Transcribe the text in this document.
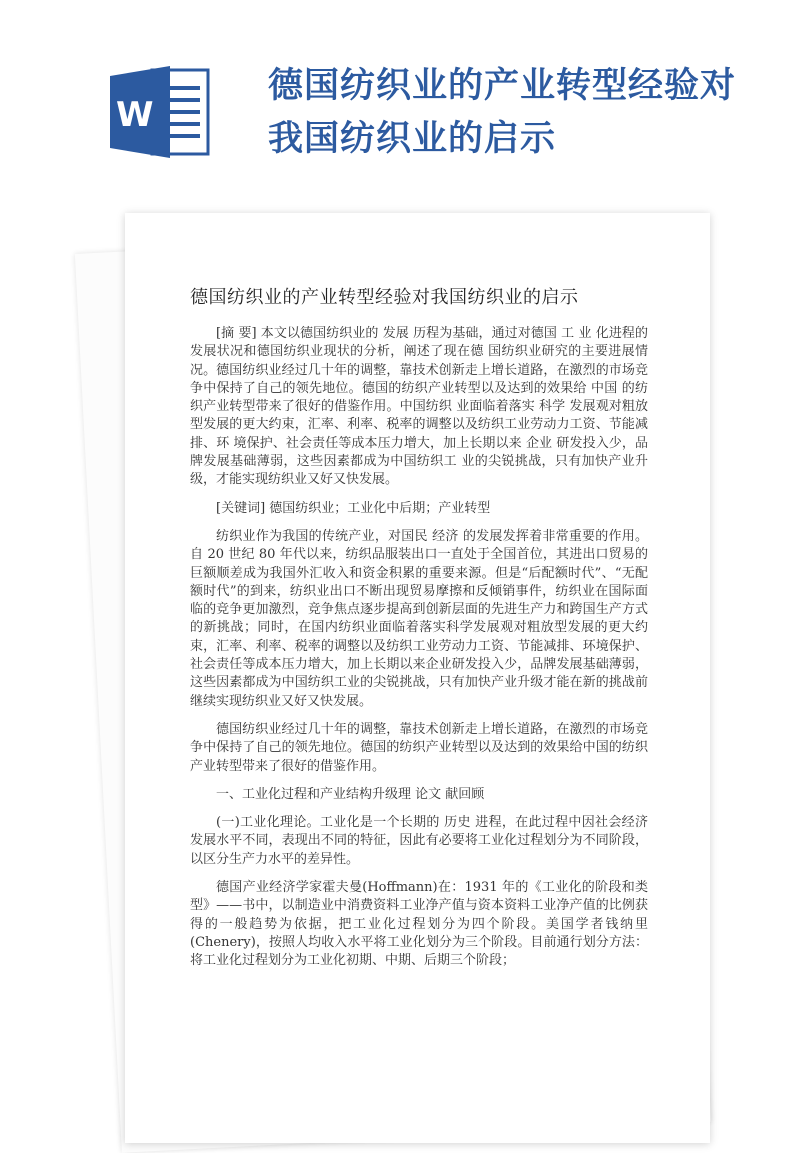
W
德国纺织业的产业转型经验对
我国纺织业的启示
德国纺织业的产业转型经验对我国纺织业的启示

[摘 要] 本文以德国纺织业的 发展 历程为基础，通过对德国 工 业 化进程的发展状况和德国纺织业现状的分析，阐述了现在德 国纺织业研究的主要进展情况。德国纺织业经过几十年的调整，靠技术创新走上增长道路，在激烈的市场竞争中保持了自己的领先地位。德国的纺织产业转型以及达到的效果给 中国 的纺织产业转型带来了很好的借鉴作用。中国纺织 业面临着落实 科学 发展观对粗放型发展的更大约束，汇率、利率、税率的调整以及纺织工业劳动力工资、节能减排、环 境保护、社会责任等成本压力增大，加上长期以来 企业 研发投入少，品牌发展基础薄弱，这些因素都成为中国纺织工 业的尖锐挑战，只有加快产业升级，才能实现纺织业又好又快发展。

[关键词] 德国纺织业；工业化中后期；产业转型

纺织业作为我国的传统产业，对国民 经济 的发展发挥着非常重要的作用。自 20 世纪 80 年代以来，纺织品服装出口一直处于全国首位，其进出口贸易的巨额顺差成为我国外汇收入和资金积累的重要来源。但是“后配额时代”、“无配额时代”的到来，纺织业出口不断出现贸易摩擦和反倾销事件，纺织业在国际面临的竞争更加激烈，竞争焦点逐步提高到创新层面的先进生产力和跨国生产方式的新挑战；同时，在国内纺织业面临着落实科学发展观对粗放型发展的更大约束，汇率、利率、税率的调整以及纺织工业劳动力工资、节能减排、环境保护、社会责任等成本压力增大，加上长期以来企业研发投入少，品牌发展基础薄弱，这些因素都成为中国纺织工业的尖锐挑战，只有加快产业升级才能在新的挑战前继续实现纺织业又好又快发展。

德国纺织业经过几十年的调整，靠技术创新走上增长道路，在激烈的市场竞争中保持了自己的领先地位。德国的纺织产业转型以及达到的效果给中国的纺织产业转型带来了很好的借鉴作用。

一、工业化过程和产业结构升级理 论文 献回顾

(一)工业化理论。工业化是一个长期的 历史 进程，在此过程中因社会经济发展水平不同，表现出不同的特征，因此有必要将工业化过程划分为不同阶段，以区分生产力水平的差异性。

德国产业经济学家霍夫曼(Hoffmann)在：1931 年的《工业化的阶段和类型》——书中，以制造业中消费资料工业净产值与资本资料工业净产值的比例获得的一般趋势为依据，把工业化过程划分为四个阶段。美国学者钱纳里(Chenery)，按照人均收入水平将工业化划分为三个阶段。目前通行划分方法：将工业化过程划分为工业化初期、中期、后期三个阶段；
